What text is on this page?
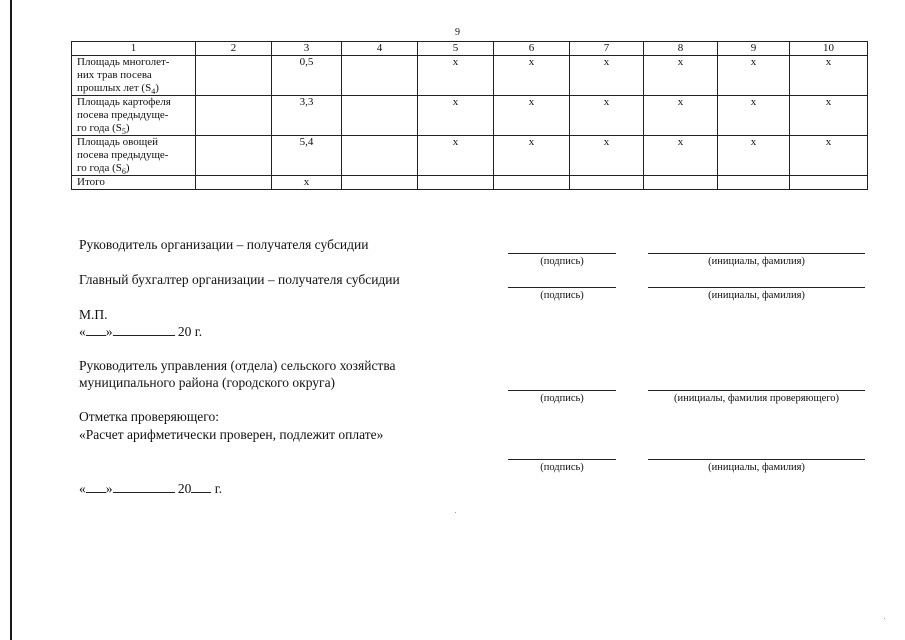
9
1	2	3	4	5	6	7	8	9	10
Площадь многолет-
них трав посева
прошлых лет $(S_4)$		0,5		х	х	х	х	х	х
Площадь картофеля
посева предыдуще-
го года $(S_5)$		3,3		х	х	х	х	х	х
Площадь овощей
посева предыдуще-
го года $(S_6)$		5,4		х	х	х	х	х	х
Итого		х							
Руководитель организации – получателя субсидии
(подпись)	(инициалы, фамилия)
Главный бухгалтер организации – получателя субсидии
(подпись)	(инициалы, фамилия)
М.П.
« »	20 г.
Руководитель управления (отдела) сельского хозяйства
муниципального района (городского округа)
(подпись)	(инициалы, фамилия проверяющего)
Отметка проверяющего:
«Расчет арифметически проверен, подлежит оплате»
(подпись)	(инициалы, фамилия)
« »	20 г.
